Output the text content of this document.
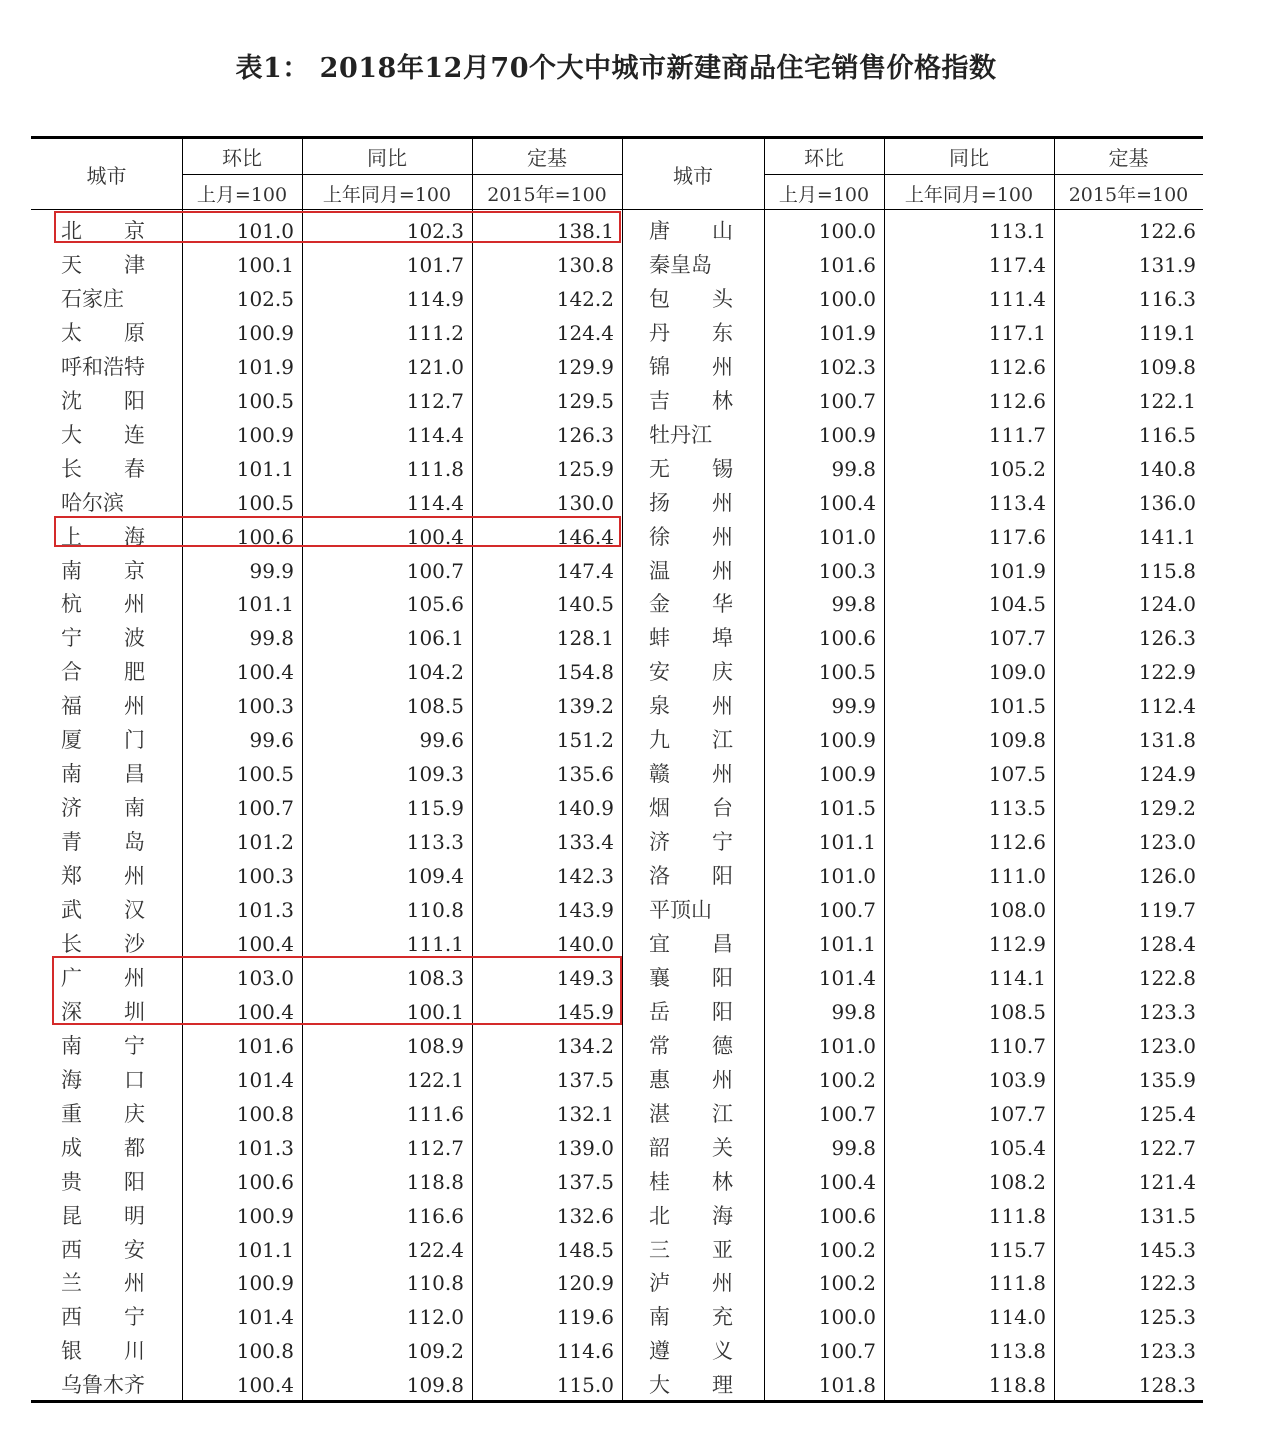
表1： 2018年12月70个大中城市新建商品住宅销售价格指数
城市
环比	同比	定基
上月=100	上年同月=100	2015年=100
城市
环比	同比	定基
上月=100	上年同月=100	2015年=100
北　　京	101.0	102.3	138.1 唐　　山	100.0	113.1	122.6
天　　津	100.1	101.7	130.8 秦皇岛	101.6	117.4	131.9
石家庄	102.5	114.9	142.2 包　　头	100.0	111.4	116.3
太　　原	100.9	111.2	124.4 丹　　东	101.9	117.1	119.1
呼和浩特	101.9	121.0	129.9 锦　　州	102.3	112.6	109.8
沈　　阳	100.5	112.7	129.5 吉　　林	100.7	112.6	122.1
大　　连	100.9	114.4	126.3 牡丹江	100.9	111.7	116.5
长　　春	101.1	111.8	125.9 无　　锡	99.8	105.2	140.8
哈尔滨	100.5	114.4	130.0 扬　　州	100.4	113.4	136.0
上　　海	100.6	100.4	146.4 徐　　州	101.0	117.6	141.1
南　　京	99.9	100.7	147.4 温　　州	100.3	101.9	115.8
杭　　州	101.1	105.6	140.5 金　　华	99.8	104.5	124.0
宁　　波	99.8	106.1	128.1 蚌　　埠	100.6	107.7	126.3
合　　肥	100.4	104.2	154.8 安　　庆	100.5	109.0	122.9
福　　州	100.3	108.5	139.2 泉　　州	99.9	101.5	112.4
厦　　门	99.6	99.6	151.2 九　　江	100.9	109.8	131.8
南　　昌	100.5	109.3	135.6 赣　　州	100.9	107.5	124.9
济　　南	100.7	115.9	140.9 烟　　台	101.5	113.5	129.2
青　　岛	101.2	113.3	133.4 济　　宁	101.1	112.6	123.0
郑　　州	100.3	109.4	142.3 洛　　阳	101.0	111.0	126.0
武　　汉	101.3	110.8	143.9 平顶山	100.7	108.0	119.7
长　　沙	100.4	111.1	140.0 宜　　昌	101.1	112.9	128.4
广　　州	103.0	108.3	149.3 襄　　阳	101.4	114.1	122.8
深　　圳	100.4	100.1	145.9 岳　　阳	99.8	108.5	123.3
南　　宁	101.6	108.9	134.2 常　　德	101.0	110.7	123.0
海　　口	101.4	122.1	137.5 惠　　州	100.2	103.9	135.9
重　　庆	100.8	111.6	132.1 湛　　江	100.7	107.7	125.4
成　　都	101.3	112.7	139.0 韶　　关	99.8	105.4	122.7
贵　　阳	100.6	118.8	137.5 桂　　林	100.4	108.2	121.4
昆　　明	100.9	116.6	132.6 北　　海	100.6	111.8	131.5
西　　安	101.1	122.4	148.5 三　　亚	100.2	115.7	145.3
兰　　州	100.9	110.8	120.9 泸　　州	100.2	111.8	122.3
西　　宁	101.4	112.0	119.6 南　　充	100.0	114.0	125.3
银　　川	100.8	109.2	114.6 遵　　义	100.7	113.8	123.3
乌鲁木齐	100.4	109.8	115.0 大　　理	101.8	118.8	128.3
